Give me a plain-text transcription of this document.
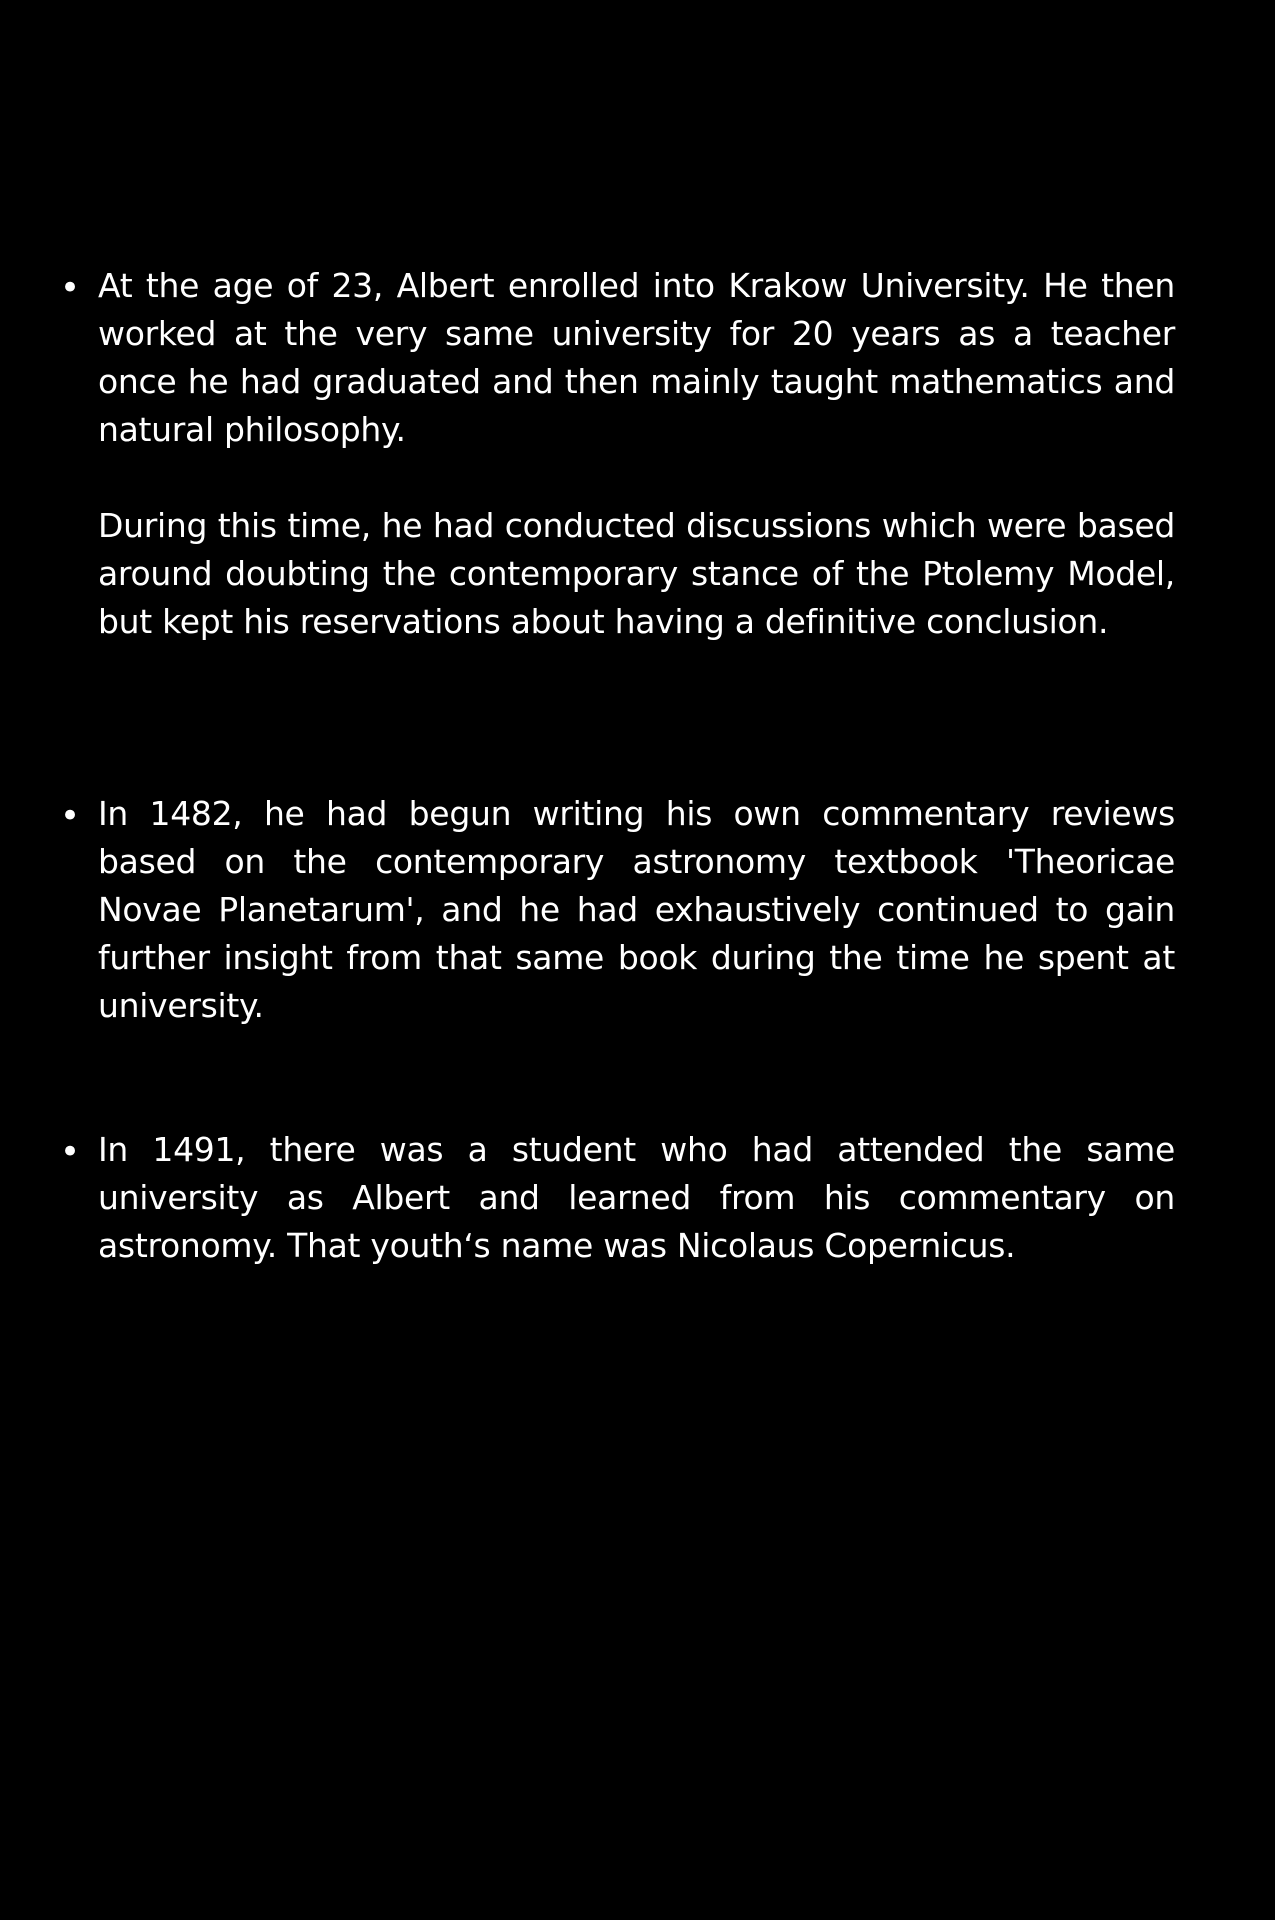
• At the age of 23, Albert enrolled into Krakow University. He then worked at the very same university for 20 years as a teacher once he had graduated and then mainly taught mathematics and natural philosophy.

During this time, he had conducted discussions which were based around doubting the contemporary stance of the Ptolemy Model, but kept his reservations about having a definitive conclusion.

• In 1482, he had begun writing his own commentary reviews based on the contemporary astronomy textbook 'Theoricae Novae Planetarum', and he had exhaustively continued to gain further insight from that same book during the time he spent at university.

• In 1491, there was a student who had attended the same university as Albert and learned from his commentary on astronomy. That youth‘s name was Nicolaus Copernicus.
